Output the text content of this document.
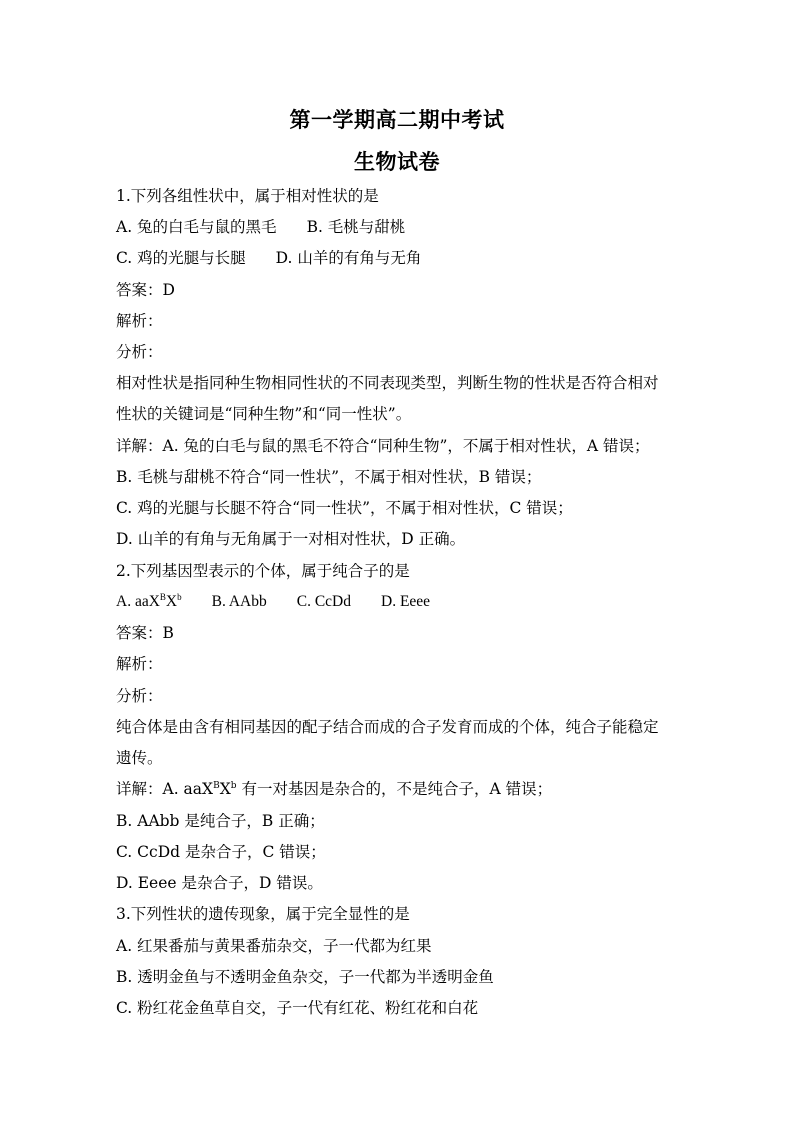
第一学期高二期中考试
生物试卷
1.下列各组性状中，属于相对性状的是
A. 兔的白毛与鼠的黑毛 B. 毛桃与甜桃
C. 鸡的光腿与长腿 D. 山羊的有角与无角
答案：D
解析：
分析：
相对性状是指同种生物相同性状的不同表现类型，判断生物的性状是否符合相对
性状的关键词是“同种生物”和“同一性状”。
详解：A. 兔的白毛与鼠的黑毛不符合“同种生物”，不属于相对性状，A 错误；
B. 毛桃与甜桃不符合“同一性状”，不属于相对性状，B 错误；
C. 鸡的光腿与长腿不符合“同一性状”，不属于相对性状，C 错误；
D. 山羊的有角与无角属于一对相对性状，D 正确。
2.下列基因型表示的个体，属于纯合子的是
A. $aaX^BX^b$ B. AAbb C. CcDd D. Eeee
答案：B
解析：
分析：
纯合体是由含有相同基因的配子结合而成的合子发育而成的个体，纯合子能稳定
遗传。
详解：A. $aaX^BX^b$ 有一对基因是杂合的，不是纯合子，A 错误；
B. AAbb 是纯合子，B 正确；
C. CcDd 是杂合子，C 错误；
D. Eeee 是杂合子，D 错误。
3.下列性状的遗传现象，属于完全显性的是
A. 红果番茄与黄果番茄杂交，子一代都为红果
B. 透明金鱼与不透明金鱼杂交，子一代都为半透明金鱼
C. 粉红花金鱼草自交，子一代有红花、粉红花和白花
